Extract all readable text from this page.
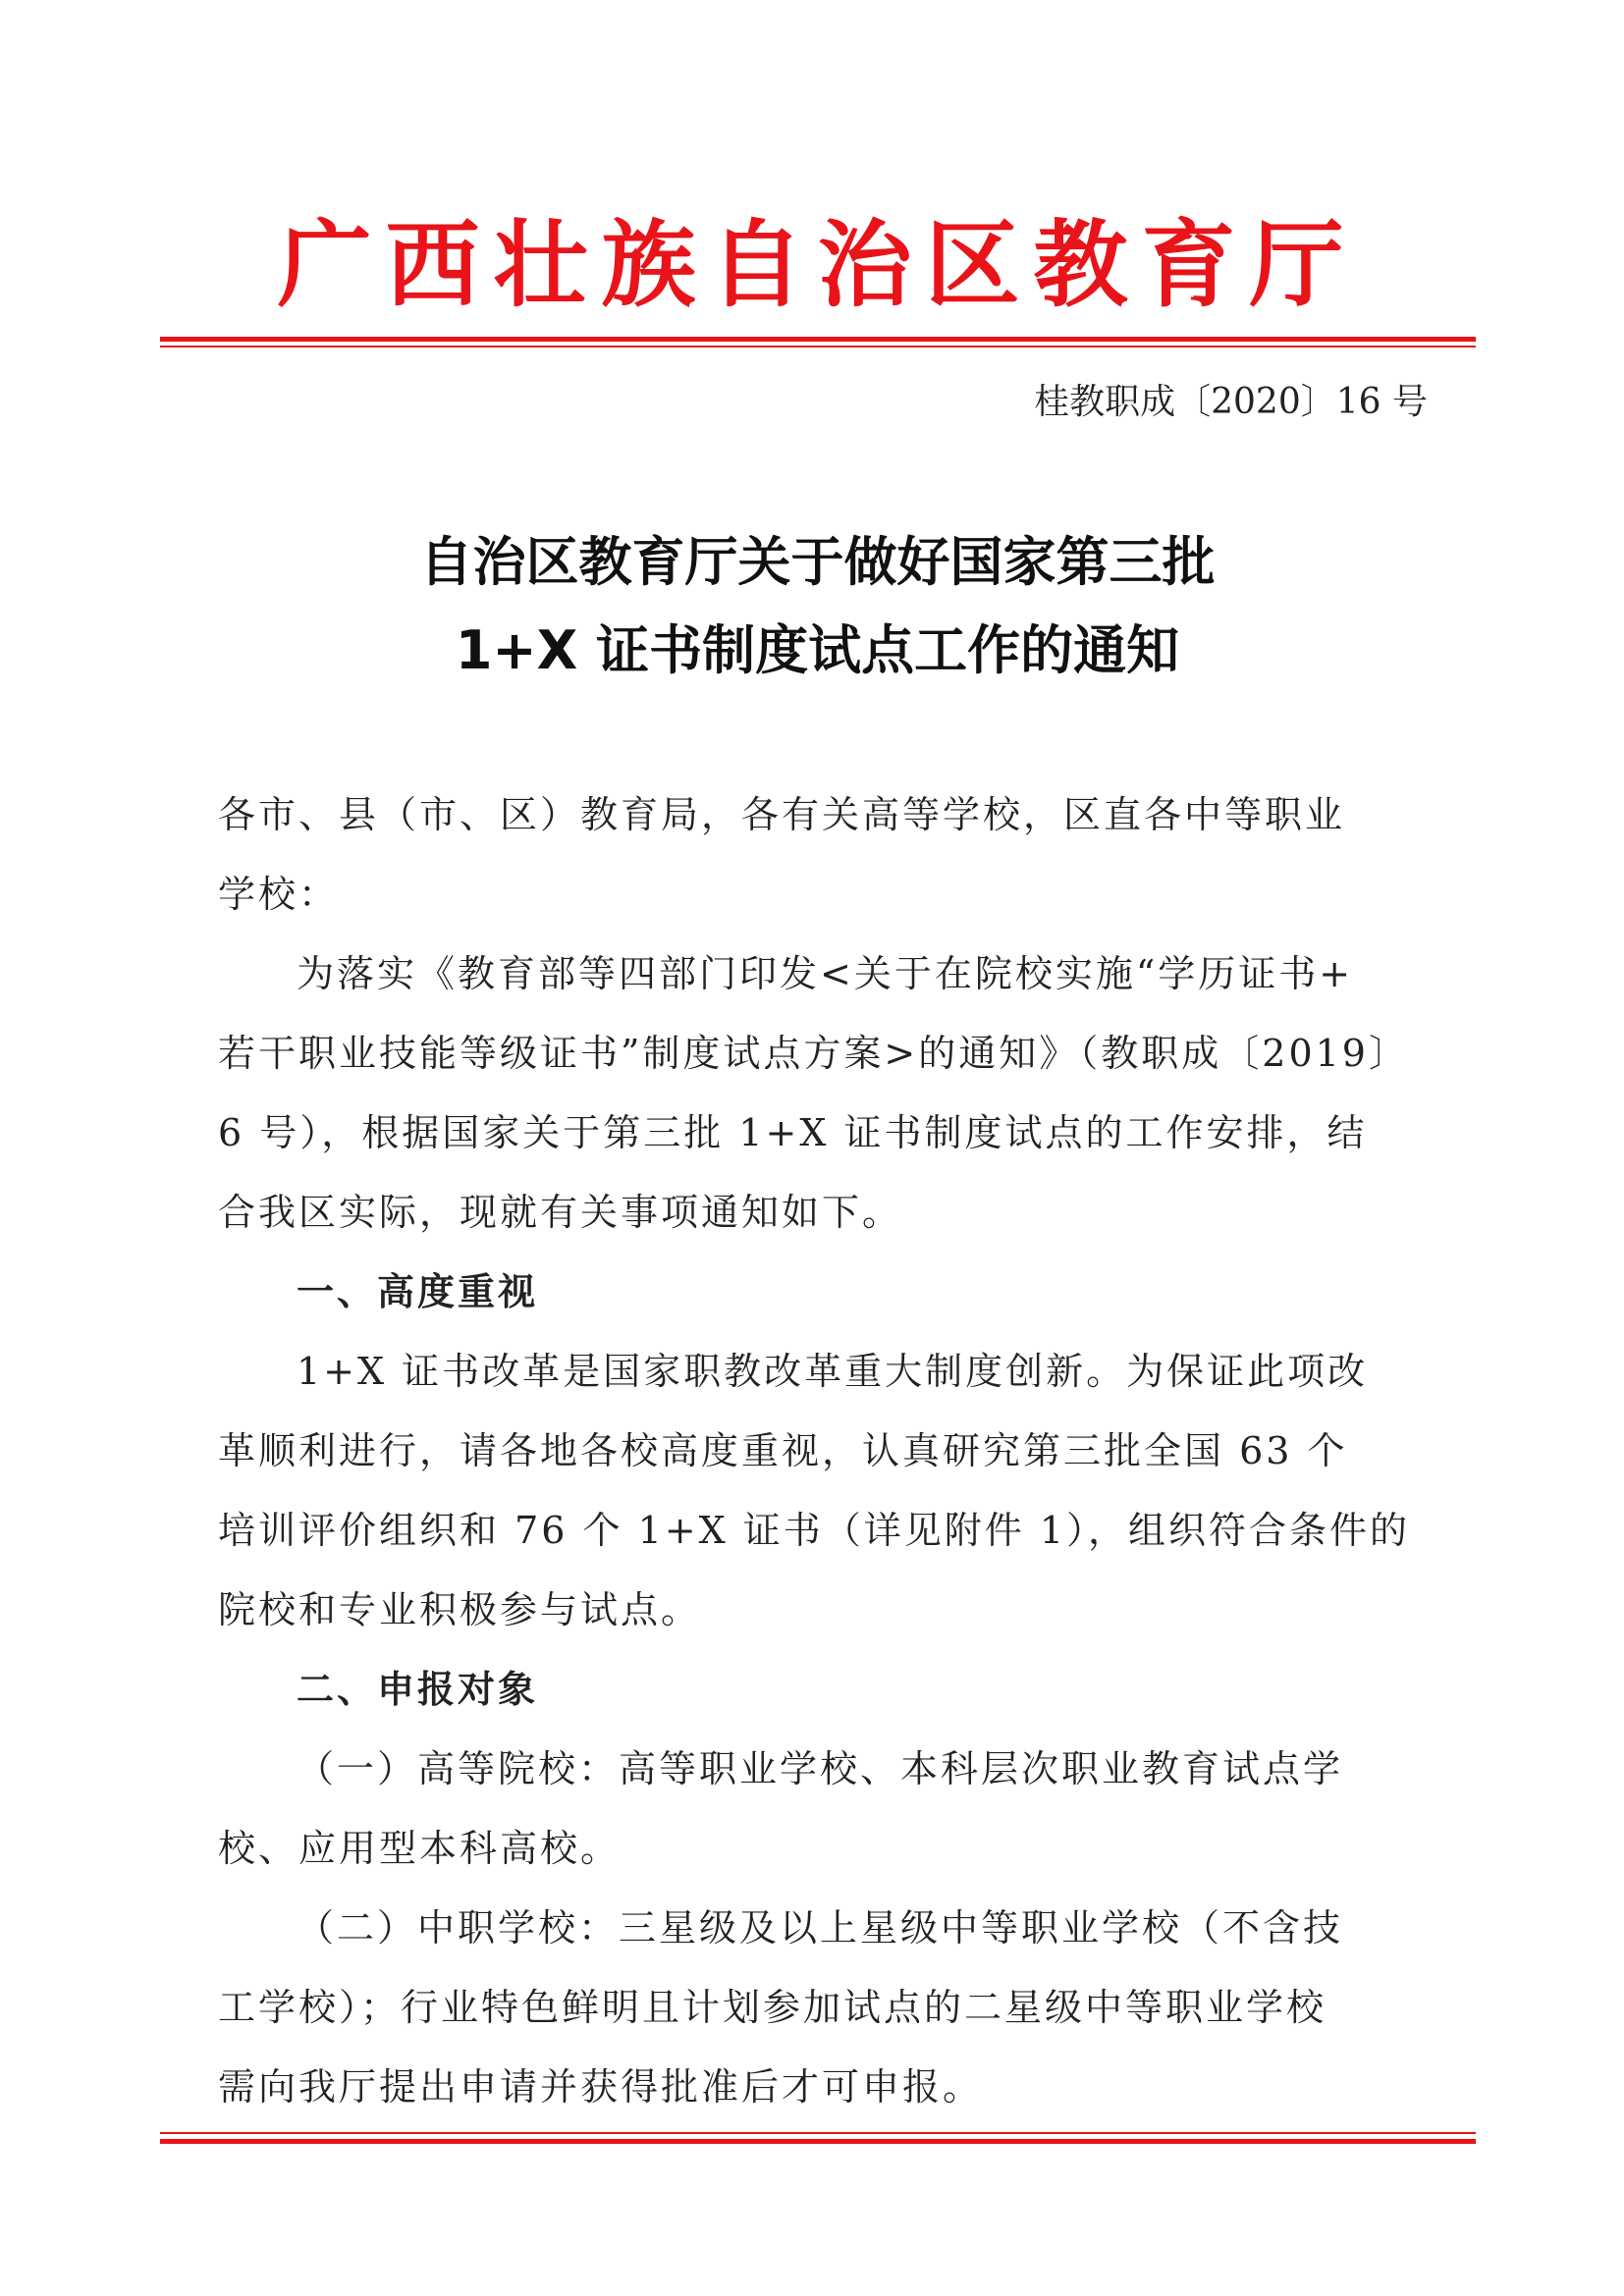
广西壮族自治区教育厅
桂教职成〔2020〕16 号
自治区教育厅关于做好国家第三批
1+X 证书制度试点工作的通知
各市、县（市、区）教育局，各有关高等学校，区直各中等职业
学校：
为落实《教育部等四部门印发<关于在院校实施“学历证书+
若干职业技能等级证书”制度试点方案>的通知》（教职成〔2019〕
6 号），根据国家关于第三批 1+X 证书制度试点的工作安排，结
合我区实际，现就有关事项通知如下。
一、高度重视
1+X 证书改革是国家职教改革重大制度创新。为保证此项改
革顺利进行，请各地各校高度重视，认真研究第三批全国 63 个
培训评价组织和 76 个 1+X 证书（详见附件 1），组织符合条件的
院校和专业积极参与试点。
二、申报对象
（一）高等院校：高等职业学校、本科层次职业教育试点学
校、应用型本科高校。
（二）中职学校：三星级及以上星级中等职业学校（不含技
工学校）；行业特色鲜明且计划参加试点的二星级中等职业学校
需向我厅提出申请并获得批准后才可申报。
